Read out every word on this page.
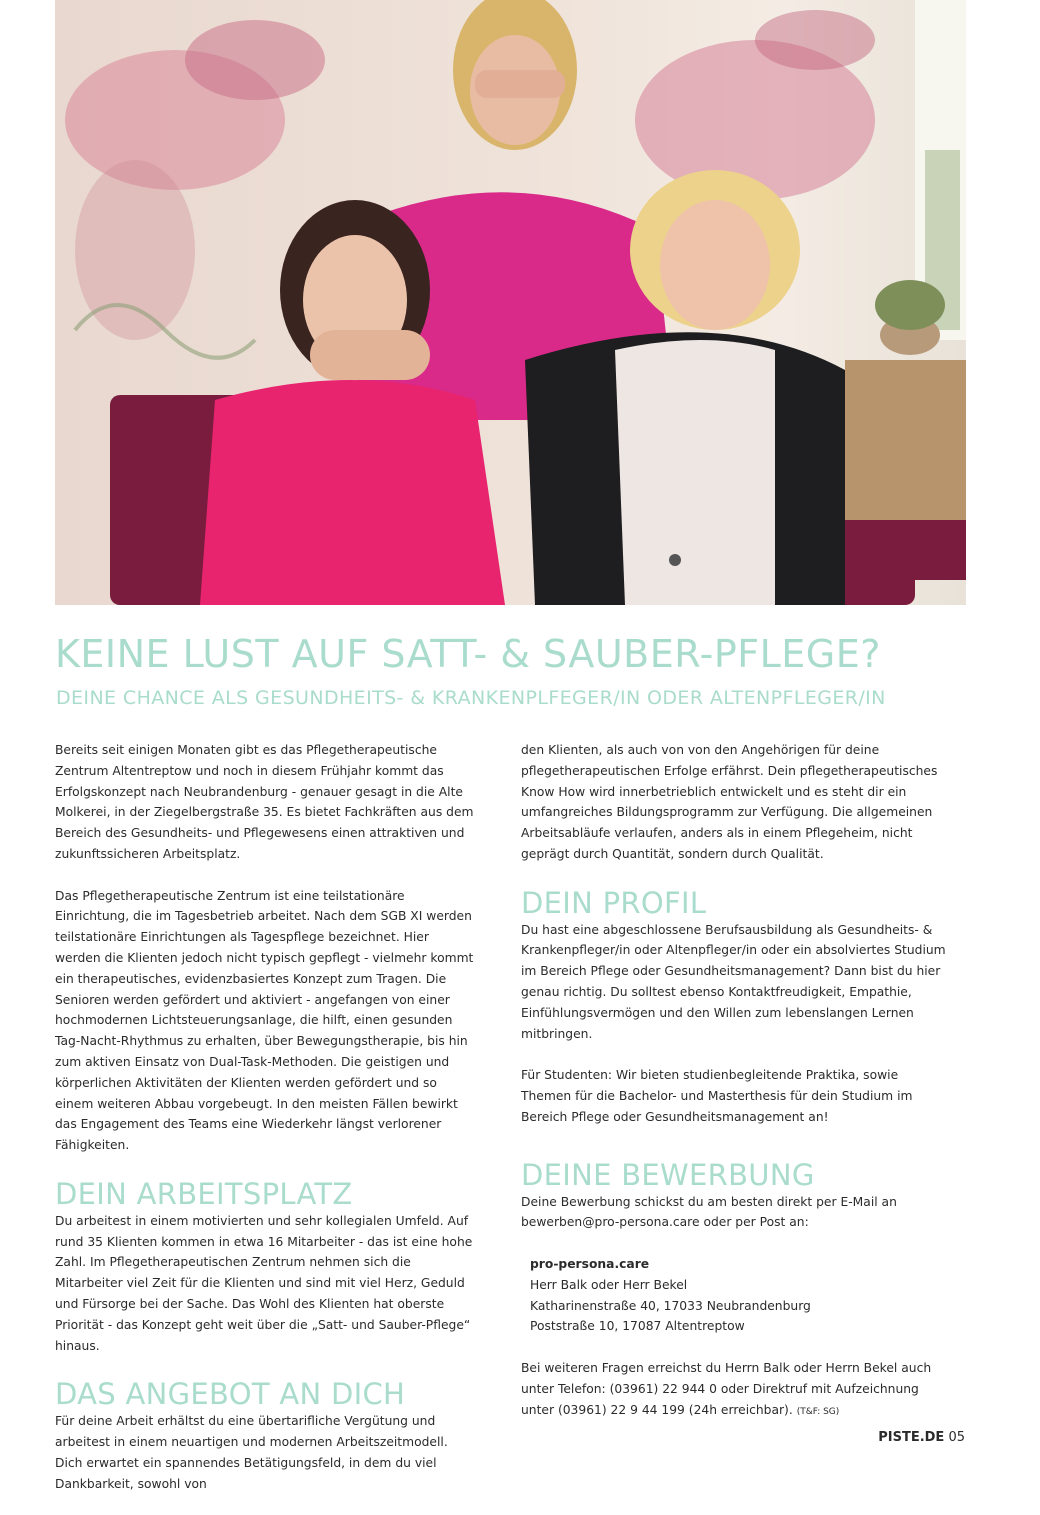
KEINE LUST AUF SATT- & SAUBER-PFLEGE?
DEINE CHANCE ALS GESUNDHEITS- & KRANKENPLFEGER/IN ODER ALTENPFLEGER/IN

Bereits seit einigen Monaten gibt es das Pflegetherapeutische Zentrum Altentreptow und noch in diesem Frühjahr kommt das Erfolgskonzept nach Neubrandenburg - genauer gesagt in die Alte Molkerei, in der Ziegelbergstraße 35. Es bietet Fachkräften aus dem Bereich des Gesundheits- und Pflegewesens einen attraktiven und zukunftssicheren Arbeitsplatz.

Das Pflegetherapeutische Zentrum ist eine teilstationäre Einrichtung, die im Tagesbetrieb arbeitet. Nach dem SGB XI werden teilstationäre Einrichtungen als Tagespflege bezeichnet. Hier werden die Klienten jedoch nicht typisch gepflegt - vielmehr kommt ein therapeutisches, evidenzbasiertes Konzept zum Tragen. Die Senioren werden gefördert und aktiviert - angefangen von einer hochmodernen Lichtsteuerungsanlage, die hilft, einen gesunden Tag-Nacht-Rhythmus zu erhalten, über Bewegungstherapie, bis hin zum aktiven Einsatz von Dual-Task-Methoden. Die geistigen und körperlichen Aktivitäten der Klienten werden gefördert und so einem weiteren Abbau vorgebeugt. In den meisten Fällen bewirkt das Engagement des Teams eine Wiederkehr längst verlorener Fähigkeiten.

DEIN ARBEITSPLATZ

Du arbeitest in einem motivierten und sehr kollegialen Umfeld. Auf rund 35 Klienten kommen in etwa 16 Mitarbeiter - das ist eine hohe Zahl. Im Pflegetherapeutischen Zentrum nehmen sich die Mitarbeiter viel Zeit für die Klienten und sind mit viel Herz, Geduld und Fürsorge bei der Sache. Das Wohl des Klienten hat oberste Priorität - das Konzept geht weit über die „Satt- und Sauber-Pflege“ hinaus.

DAS ANGEBOT AN DICH

Für deine Arbeit erhältst du eine übertarifliche Vergütung und arbeitest in einem neuartigen und modernen Arbeitszeitmodell. Dich erwartet ein spannendes Betätigungsfeld, in dem du viel Dankbarkeit, sowohl von

den Klienten, als auch von von den Angehörigen für deine pflegetherapeutischen Erfolge erfährst. Dein pflegetherapeutisches Know How wird innerbetrieblich entwickelt und es steht dir ein umfangreiches Bildungsprogramm zur Verfügung. Die allgemeinen Arbeitsabläufe verlaufen, anders als in einem Pflegeheim, nicht geprägt durch Quantität, sondern durch Qualität.

DEIN PROFIL

Du hast eine abgeschlossene Berufsausbildung als Gesundheits- & Krankenpfleger/in oder Altenpfleger/in oder ein absolviertes Studium im Bereich Pflege oder Gesundheitsmanagement? Dann bist du hier genau richtig. Du solltest ebenso Kontaktfreudigkeit, Empathie, Einfühlungsvermögen und den Willen zum lebenslangen Lernen mitbringen.

Für Studenten: Wir bieten studienbegleitende Praktika, sowie Themen für die Bachelor- und Masterthesis für dein Studium im Bereich Pflege oder Gesundheitsmanagement an!

DEINE BEWERBUNG

Deine Bewerbung schickst du am besten direkt per E-Mail an bewerben@pro-persona.care oder per Post an:

pro-persona.care
Herr Balk oder Herr Bekel
Katharinenstraße 40, 17033 Neubrandenburg
Poststraße 10, 17087 Altentreptow

Bei weiteren Fragen erreichst du Herrn Balk oder Herrn Bekel auch unter Telefon: (03961) 22 944 0 oder Direktruf mit Aufzeichnung unter (03961) 22 9 44 199 (24h erreichbar). (T&F: SG)

PISTE.DE 05
